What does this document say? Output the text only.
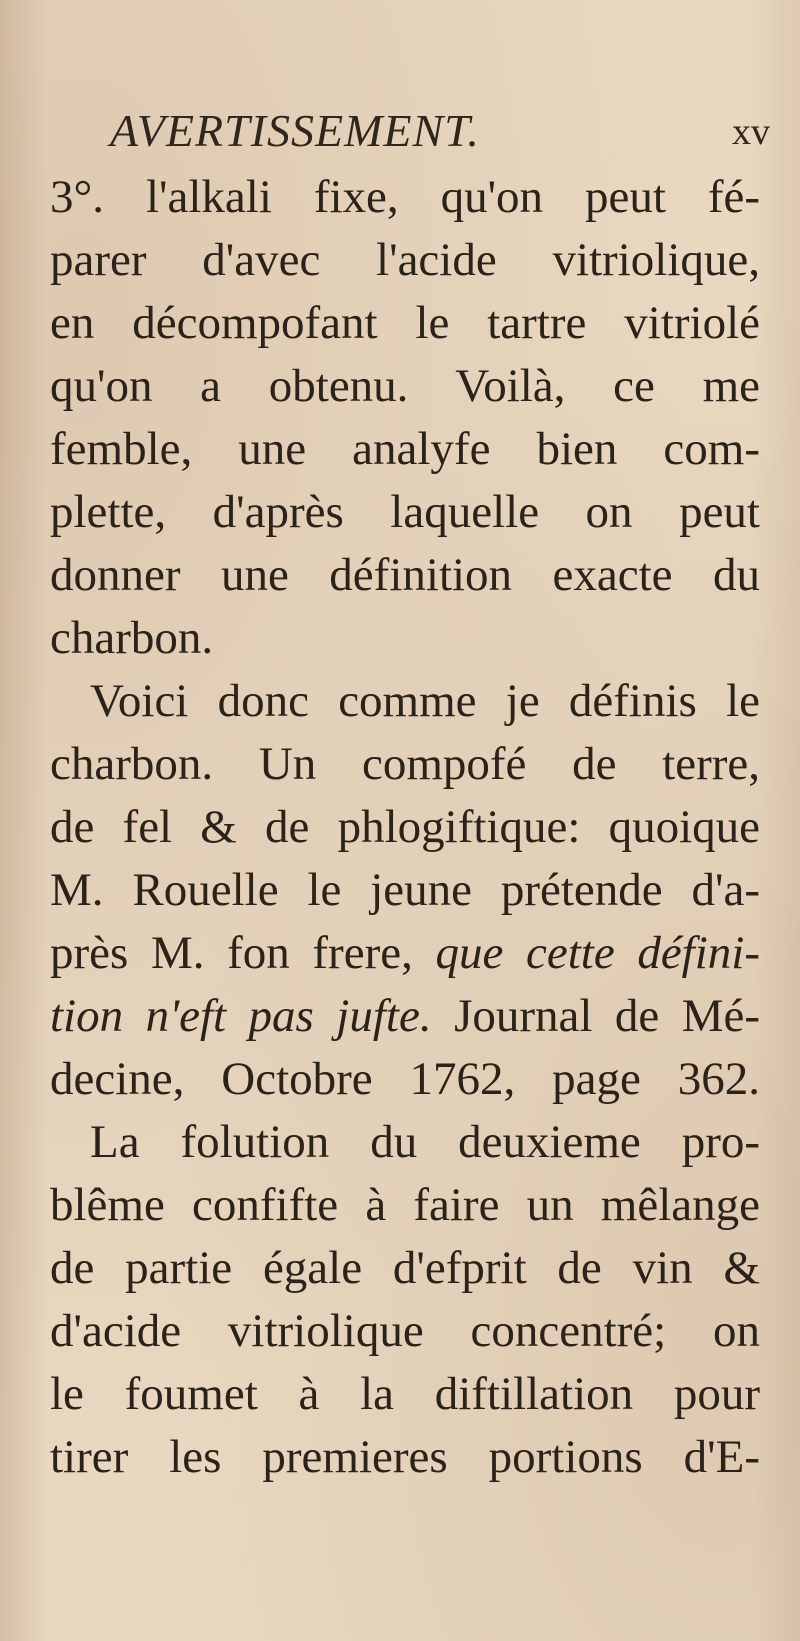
AVERTISSEMENT.	xv
3°. l'alkali fixe, qu'on peut fé-
parer d'avec l'acide vitriolique,
en décompofant le tartre vitriolé
qu'on a obtenu. Voilà, ce me
femble, une analyfe bien com-
plette, d'après laquelle on peut
donner une définition exacte du
charbon.
Voici donc comme je définis le
charbon. Un compofé de terre,
de fel & de phlogiftique: quoique
M. Rouelle le jeune prétende d'a-
près M. fon frere, que cette défini-
tion n'eft pas jufte. Journal de Mé-
decine, Octobre 1762, page 362.
La folution du deuxieme pro-
blême confifte à faire un mêlange
de partie égale d'efprit de vin &
d'acide vitriolique concentré; on
le foumet à la diftillation pour
tirer les premieres portions d'E-
